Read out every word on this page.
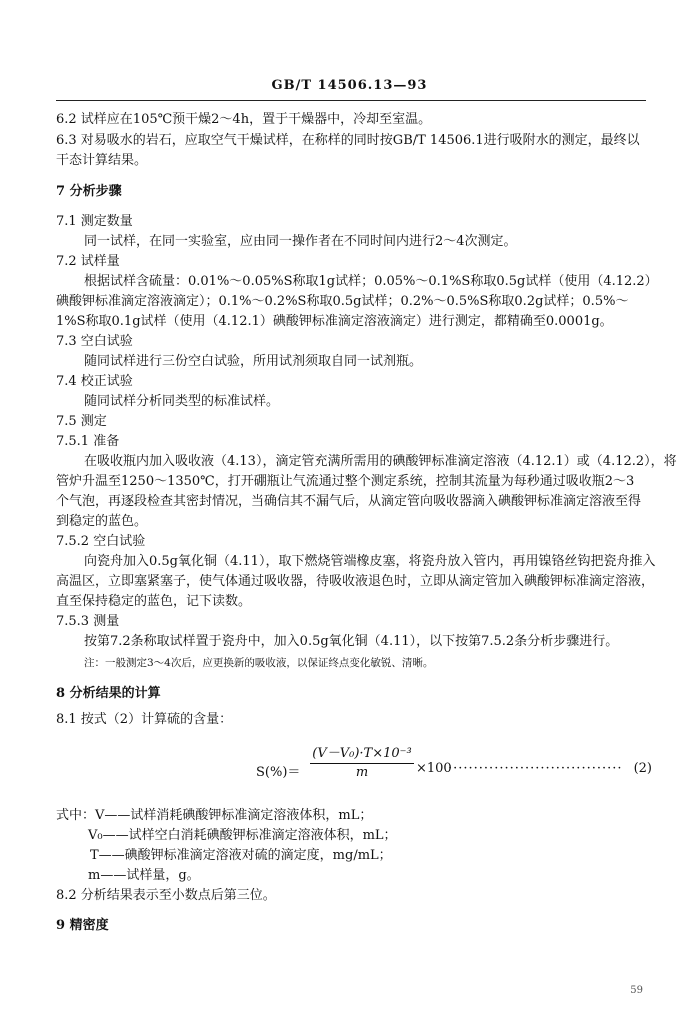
GB/T 14506.13—93
6.2 试样应在105℃预干燥2～4h，置于干燥器中，冷却至室温。
6.3 对易吸水的岩石，应取空气干燥试样，在称样的同时按GB/T 14506.1进行吸附水的测定，最终以
干态计算结果。
7 分析步骤
7.1 测定数量
同一试样，在同一实验室，应由同一操作者在不同时间内进行2～4次测定。
7.2 试样量
根据试样含硫量：0.01%～0.05%S称取1g试样；0.05%～0.1%S称取0.5g试样（使用（4.12.2）
碘酸钾标准滴定溶液滴定）；0.1%～0.2%S称取0.5g试样；0.2%～0.5%S称取0.2g试样；0.5%～
1%S称取0.1g试样（使用（4.12.1）碘酸钾标准滴定溶液滴定）进行测定，都精确至0.0001g。
7.3 空白试验
随同试样进行三份空白试验，所用试剂须取自同一试剂瓶。
7.4 校正试验
随同试样分析同类型的标准试样。
7.5 测定
7.5.1 准备
在吸收瓶内加入吸收液（4.13），滴定管充满所需用的碘酸钾标准滴定溶液（4.12.1）或（4.12.2），将
管炉升温至1250～1350℃，打开硼瓶让气流通过整个测定系统，控制其流量为每秒通过吸收瓶2～3
个气泡，再逐段检查其密封情况，当确信其不漏气后，从滴定管向吸收器滴入碘酸钾标准滴定溶液至得
到稳定的蓝色。
7.5.2 空白试验
向瓷舟加入0.5g氧化铜（4.11），取下燃烧管端橡皮塞，将瓷舟放入管内，再用镍铬丝钩把瓷舟推入
高温区，立即塞紧塞子，使气体通过吸收器，待吸收液退色时，立即从滴定管加入碘酸钾标准滴定溶液，
直至保持稳定的蓝色，记下读数。
7.5.3 测量
按第7.2条称取试样置于瓷舟中，加入0.5g氧化铜（4.11），以下按第7.5.2条分析步骤进行。
注：一般测定3～4次后，应更换新的吸收液，以保证终点变化敏锐、清晰。
8 分析结果的计算
8.1 按式（2）计算硫的含量：
S(%)＝
(V－V₀)·T×10⁻³
m	×100
·································· (2)
式中：V——试样消耗碘酸钾标准滴定溶液体积，mL；
V₀——试样空白消耗碘酸钾标准滴定溶液体积，mL；
T——碘酸钾标准滴定溶液对硫的滴定度，mg/mL；
m——试样量，g。
8.2 分析结果表示至小数点后第三位。
9 精密度
59
